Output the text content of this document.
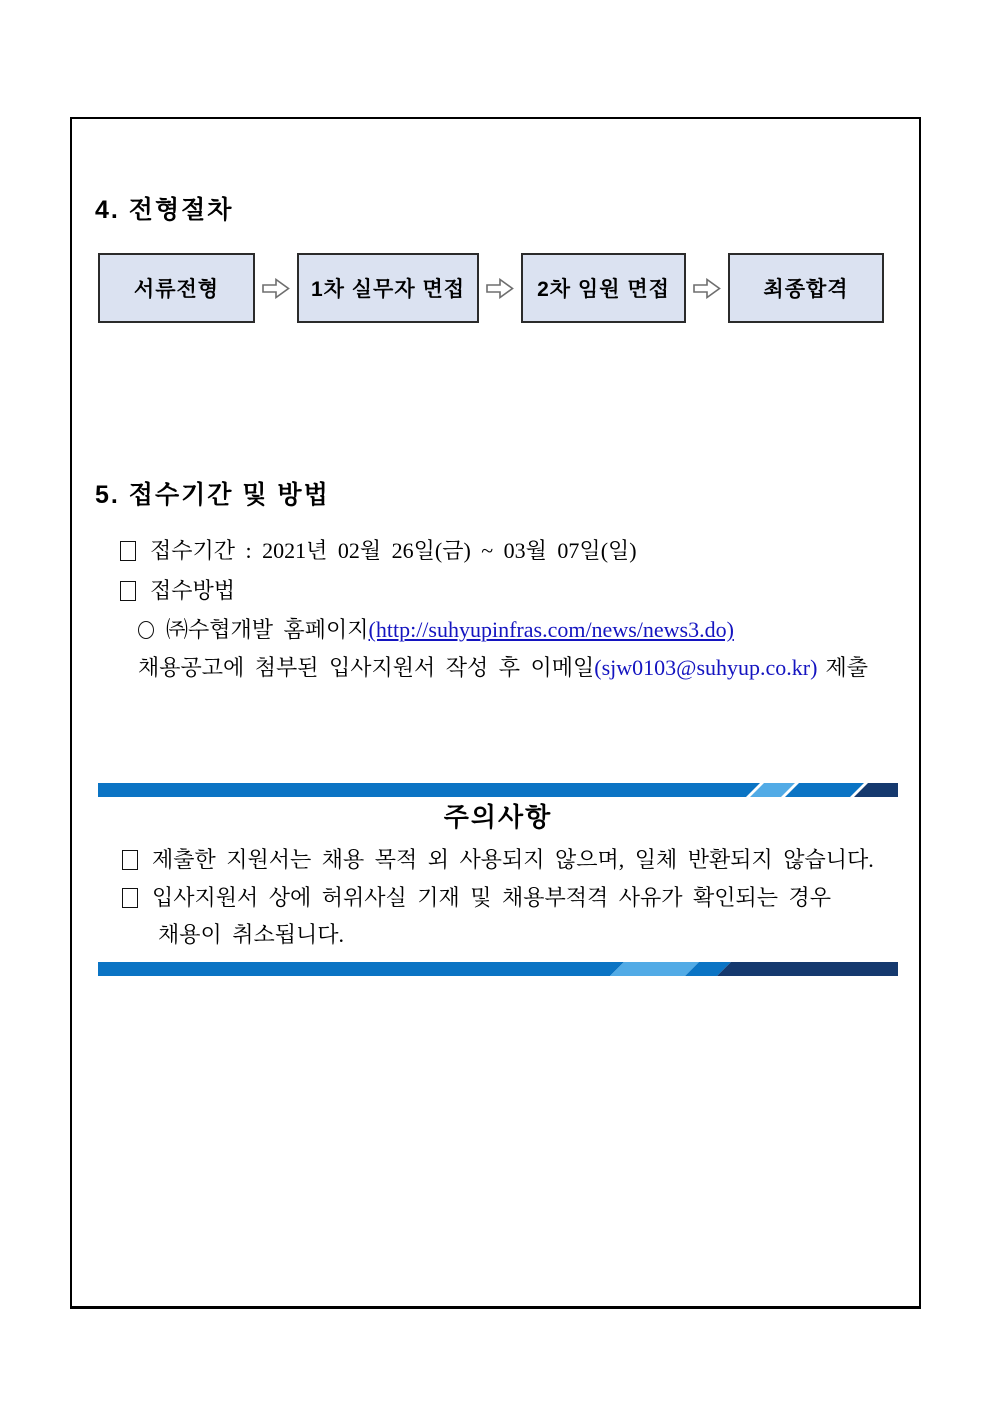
4. 전형절차
서류전형	1차 실무자 면접	2차 임원 면접	최종합격
5. 접수기간 및 방법
접수기간 : 2021년 02월 26일(금) ~ 03월 07일(일)
접수방법
㈜수협개발 홈페이지(http://suhyupinfras.com/news/news3.do)
채용공고에 첨부된 입사지원서 작성 후 이메일(sjw0103@suhyup.co.kr) 제출
주의사항
제출한 지원서는 채용 목적 외 사용되지 않으며, 일체 반환되지 않습니다.
입사지원서 상에 허위사실 기재 및 채용부적격 사유가 확인되는 경우
채용이 취소됩니다.
